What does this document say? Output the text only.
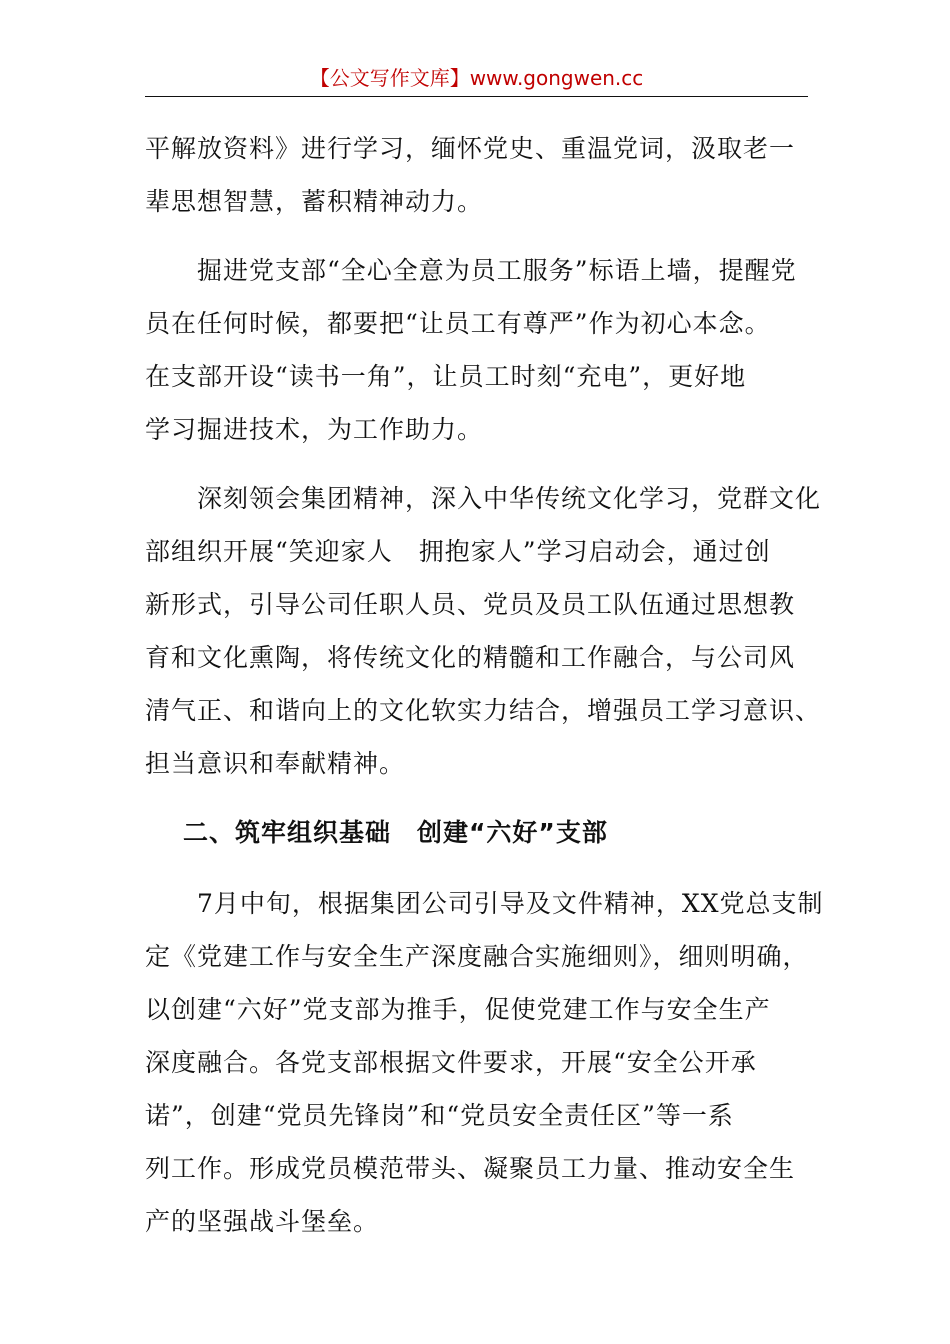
【公文写作文库】www.gongwen.cc

平解放资料》进行学习，缅怀党史、重温党词，汲取老一
辈思想智慧，蓄积精神动力。

　　掘进党支部“全心全意为员工服务”标语上墙，提醒党
员在任何时候，都要把“让员工有尊严”作为初心本念。
在支部开设“读书一角”，让员工时刻“充电”，更好地
学习掘进技术，为工作助力。

　　深刻领会集团精神，深入中华传统文化学习，党群文化
部组织开展“笑迎家人　拥抱家人”学习启动会，通过创
新形式，引导公司任职人员、党员及员工队伍通过思想教
育和文化熏陶，将传统文化的精髓和工作融合，与公司风
清气正、和谐向上的文化软实力结合，增强员工学习意识、
担当意识和奉献精神。

二、筑牢组织基础　创建“六好”支部

　　7月中旬，根据集团公司引导及文件精神，XX党总支制
定《党建工作与安全生产深度融合实施细则》，细则明确，
以创建“六好”党支部为推手，促使党建工作与安全生产
深度融合。各党支部根据文件要求，开展“安全公开承
诺”，创建“党员先锋岗”和“党员安全责任区”等一系
列工作。形成党员模范带头、凝聚员工力量、推动安全生
产的坚强战斗堡垒。
